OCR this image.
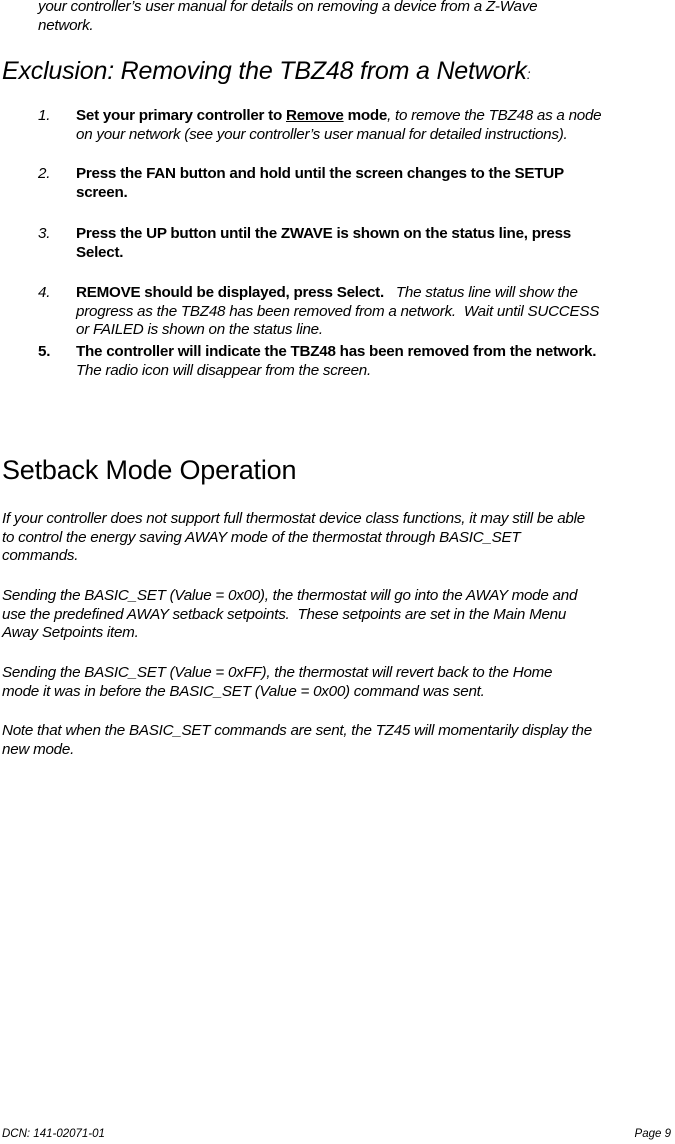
your controller’s user manual for details on removing a device from a Z-Wave
network.
Exclusion: Removing the TBZ48 from a Network:
1.	Set your primary controller to Remove mode, to remove the TBZ48 as a node
on your network (see your controller’s user manual for detailed instructions).
2.	Press the FAN button and hold until the screen changes to the SETUP
screen.
3.	Press the UP button until the ZWAVE is shown on the status line, press
Select.
4.	REMOVE should be displayed, press Select.   The status line will show the
progress as the TBZ48 has been removed from a network.  Wait until SUCCESS
or FAILED is shown on the status line.
5.	The controller will indicate the TBZ48 has been removed from the network.
The radio icon will disappear from the screen.
Setback Mode Operation
If your controller does not support full thermostat device class functions, it may still be able
to control the energy saving AWAY mode of the thermostat through BASIC_SET
commands.
Sending the BASIC_SET (Value = 0x00), the thermostat will go into the AWAY mode and
use the predefined AWAY setback setpoints.  These setpoints are set in the Main Menu
Away Setpoints item.
Sending the BASIC_SET (Value = 0xFF), the thermostat will revert back to the Home
mode it was in before the BASIC_SET (Value = 0x00) command was sent.
Note that when the BASIC_SET commands are sent, the TZ45 will momentarily display the
new mode.
DCN: 141-02071-01	Page 9
